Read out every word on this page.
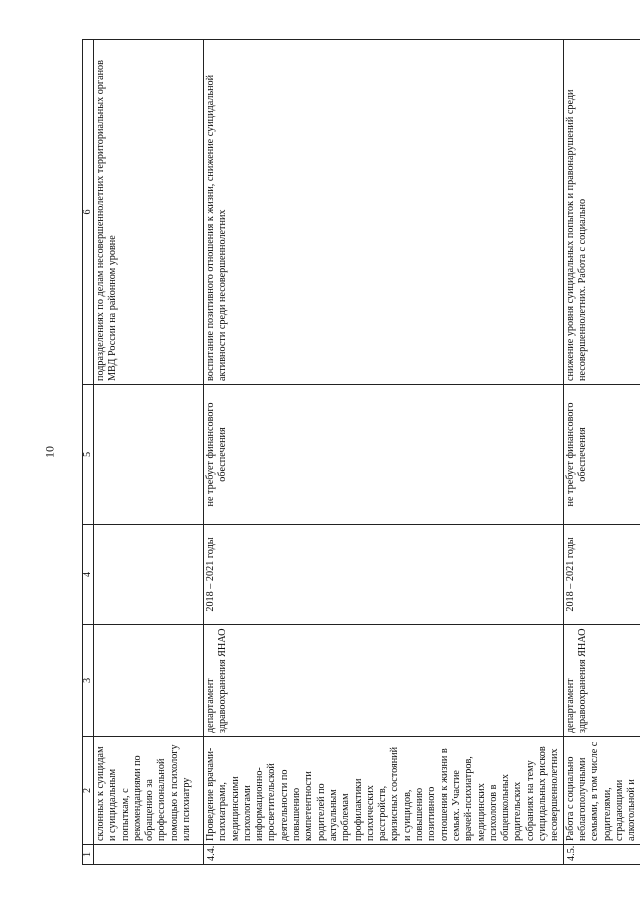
10
1	2	3	4	5	6
	склонных к суицидам и суицидальным попыткам, с рекомендациями по обращению за профессиональной помощью к психологу или психиатру				подразделениях по делам несовершеннолетних территориальных органов МВД России на районном уровне
4.4.	Проведение врачами-психиатрами, медицинскими психологами информационно-просветительской деятельности по повышению компетентности родителей по актуальным проблемам профилактики психических расстройств, кризисных состояний и суицидов, повышению позитивного отношения к жизни в семьях. Участие врачей-психиатров, медицинских психологов в общешкольных родительских собраниях на тему суицидальных рисков несовершеннолетних	департамент здравоохранения ЯНАО	2018 – 2021 годы	не требует финансового обеспечения	воспитание позитивного отношения к жизни, снижение суицидальной активности среди несовершеннолетних
4.5.	Работа с социально неблагополучными семьями, в том числе с родителями, страдающими алкогольной и	департамент здравоохранения ЯНАО	2018 – 2021 годы	не требует финансового обеспечения	снижение уровня суицидальных попыток и правонарушений среди несовершеннолетних. Работа с социально
